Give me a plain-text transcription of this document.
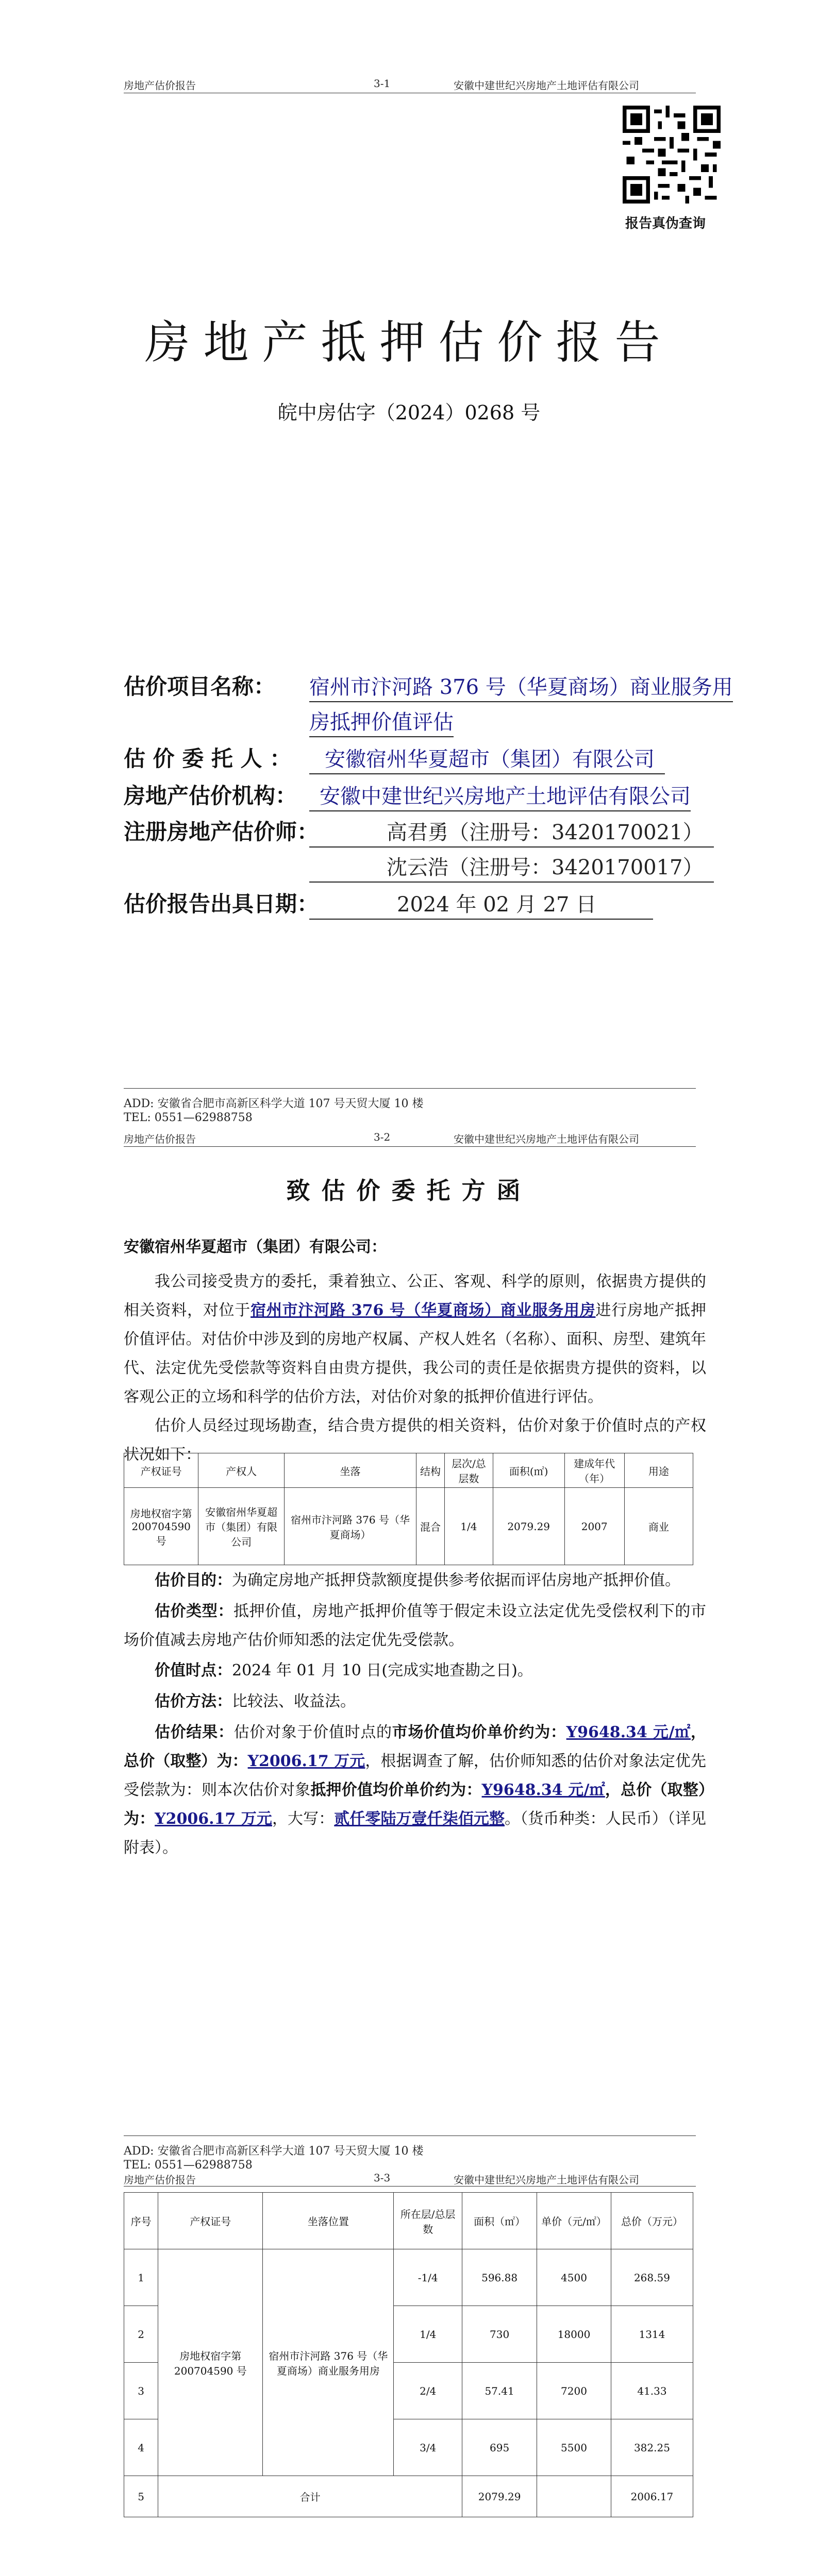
房地产估价报告	3-1	安徽中建世纪兴房地产土地评估有限公司
报告真伪查询
房地产抵押估价报告
皖中房估字（2024）0268 号
估价项目名称： 宿州市汴河路 376 号（华夏商场）商业服务用
房抵押价值评估
估 价 委 托 人 ：	安徽宿州华夏超市（集团）有限公司
房地产估价机构：	安徽中建世纪兴房地产土地评估有限公司
注册房地产估价师：	高君勇（注册号：3420170021）
沈云浩（注册号：3420170017）
估价报告出具日期：	2024 年 02 月 27 日
ADD: 安徽省合肥市高新区科学大道 107 号天贸大厦 10 楼
TEL: 0551—62988758
房地产估价报告	3-2	安徽中建世纪兴房地产土地评估有限公司
致估价委托方函
安徽宿州华夏超市（集团）有限公司：
我公司接受贵方的委托，秉着独立、公正、客观、科学的原则，依据贵方提供的相关资料，对位于宿州市汴河路 376 号（华夏商场）商业服务用房进行房地产抵押价值评估。对估价中涉及到的房地产权属、产权人姓名（名称）、面积、房型、建筑年代、法定优先受偿款等资料自由贵方提供，我公司的责任是依据贵方提供的资料，以客观公正的立场和科学的估价方法，对估价对象的抵押价值进行评估。
估价人员经过现场勘查，结合贵方提供的相关资料，估价对象于价值时点的产权状况如下：
产权证号	产权人	坐落	结构	层次/总层数	面积(㎡)	建成年代（年）	用途
房地权宿字第 200704590 号	安徽宿州华夏超市（集团）有限公司	宿州市汴河路 376 号（华夏商场）	混合	1/4	2079.29	2007	商业
估价目的：为确定房地产抵押贷款额度提供参考依据而评估房地产抵押价值。
估价类型：抵押价值，房地产抵押价值等于假定未设立法定优先受偿权利下的市场价值减去房地产估价师知悉的法定优先受偿款。
价值时点：2024 年 01 月 10 日(完成实地查勘之日)。
估价方法：比较法、收益法。
估价结果：估价对象于价值时点的市场价值均价单价约为：Y9648.34 元/㎡，总价（取整）为：Y2006.17 万元，根据调查了解，估价师知悉的估价对象法定优先受偿款为：则本次估价对象抵押价值均价单价约为：Y9648.34 元/㎡，总价（取整）为：Y2006.17 万元，大写：贰仟零陆万壹仟柒佰元整。（货币种类：人民币）（详见附表）。
ADD: 安徽省合肥市高新区科学大道 107 号天贸大厦 10 楼
TEL: 0551—62988758
房地产估价报告	3-3	安徽中建世纪兴房地产土地评估有限公司
序号	产权证号	坐落位置	所在层/总层数	面积（㎡）	单价（元/㎡）	总价（万元）
1	房地权宿字第 200704590 号	宿州市汴河路 376 号（华夏商场）商业服务用房	-1/4	596.88	4500	268.59
2			1/4	730	18000	1314
3			2/4	57.41	7200	41.33
4			3/4	695	5500	382.25
5	合计			2079.29		2006.17
